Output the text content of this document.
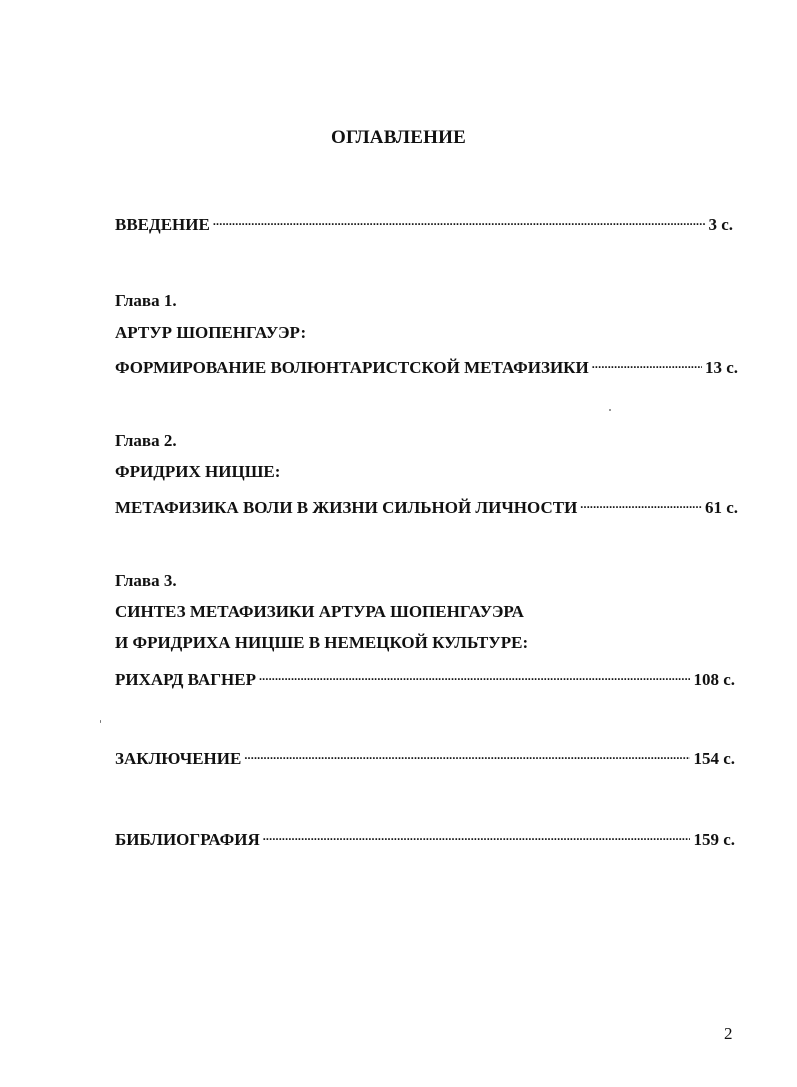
ОГЛАВЛЕНИЕ
ВВЕДЕНИЕ .....	3 с.
Глава 1.
АРТУР ШОПЕНГАУЭР:
ФОРМИРОВАНИЕ ВОЛЮНТАРИСТСКОЙ МЕТАФИЗИКИ .....	13 с.
Глава 2.
ФРИДРИХ НИЦШЕ:
МЕТАФИЗИКА ВОЛИ В ЖИЗНИ СИЛЬНОЙ ЛИЧНОСТИ .....	61 с.
Глава 3.
СИНТЕЗ МЕТАФИЗИКИ АРТУРА ШОПЕНГАУЭРА
И ФРИДРИХА НИЦШЕ В НЕМЕЦКОЙ КУЛЬТУРЕ:
РИХАРД ВАГНЕР .....	108 с.
ЗАКЛЮЧЕНИЕ .....	154 с.
БИБЛИОГРАФИЯ .....	159 с.
2
